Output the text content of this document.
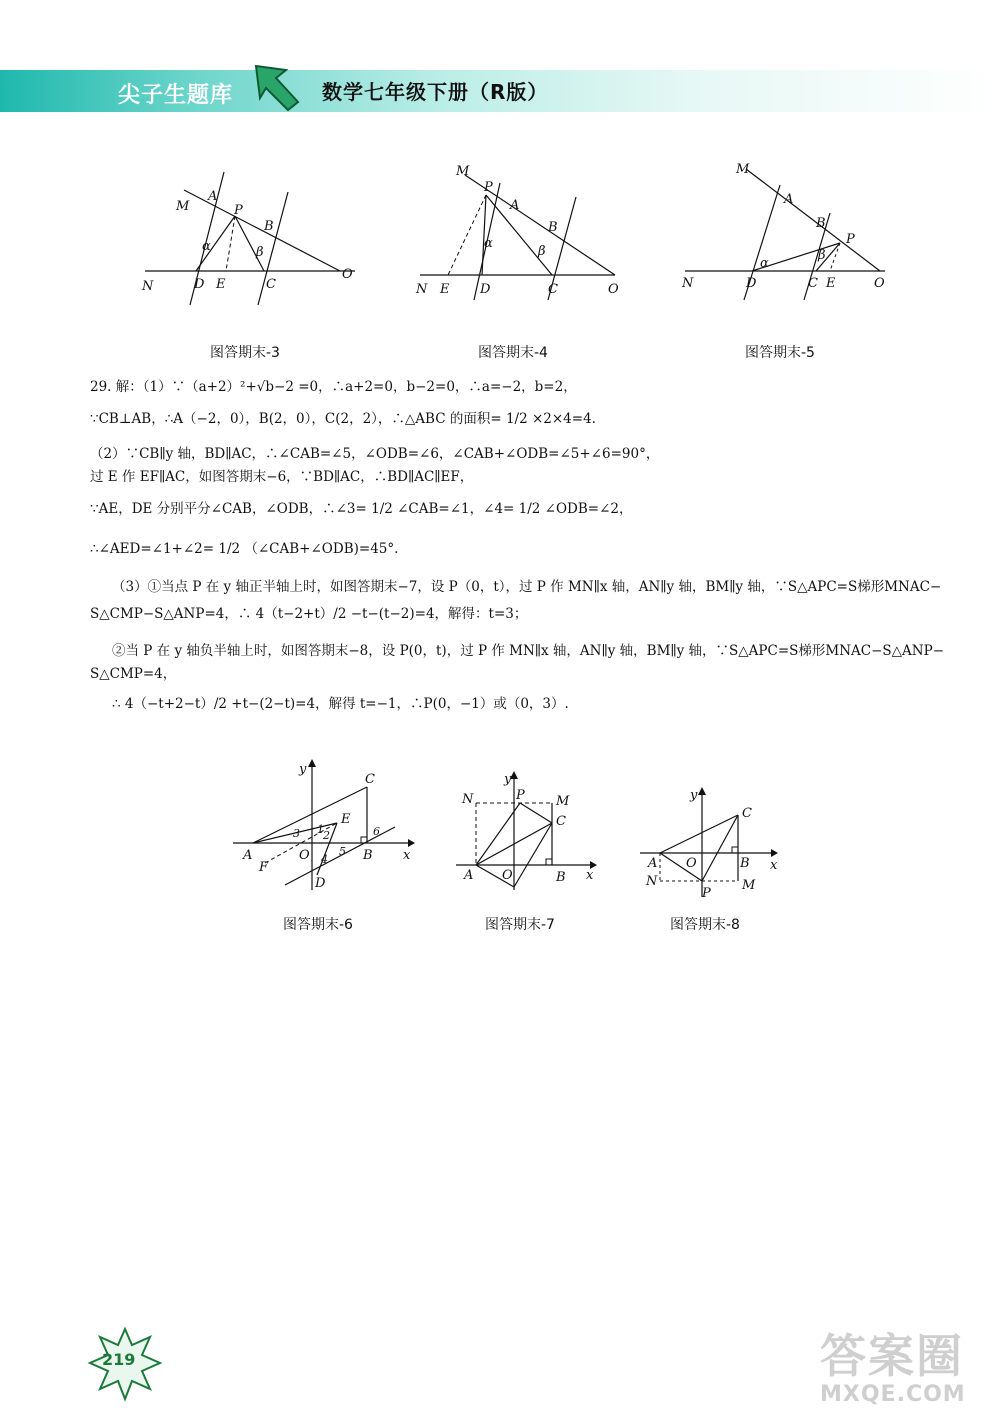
尖子生题库	数学七年级下册（R版）
M
A
P
B
N	D E	C
O
α	β
图答期末-3
M
P
A
B
N E D	C	O
α
β
图答期末-4
M
A
B
P
N	D	C E	O
α
β
图答期末-5
29. 解：（1）∵（a+2）²+√b−2 =0，∴a+2=0，b−2=0，∴a=−2，b=2，
∵CB⊥AB，∴A（−2，0），B(2，0），C(2，2），∴△ABC 的面积= 1/2 ×2×4=4.
（2）∵CB∥y 轴，BD∥AC，∴∠CAB=∠5，∠ODB=∠6，∠CAB+∠ODB=∠5+∠6=90°，
过 E 作 EF∥AC，如图答期末−6，∵BD∥AC，∴BD∥AC∥EF，
∵AE，DE 分别平分∠CAB，∠ODB，∴∠3= 1/2 ∠CAB=∠1，∠4= 1/2 ∠ODB=∠2，
∴∠AED=∠1+∠2= 1/2 （∠CAB+∠ODB)=45°.
（3）①当点 P 在 y 轴正半轴上时，如图答期末−7，设 P（0，t），过 P 作 MN∥x 轴，AN∥y 轴，BM∥y 轴，∵S△APC=S梯形MNAC−
S△CMP−S△ANP=4，∴ 4（t−2+t）/2 −t−(t−2)=4，解得：t=3；
②当 P 在 y 轴负半轴上时，如图答期末−8，设 P(0，t)，过 P 作 MN∥x 轴，AN∥y 轴，BM∥y 轴，∵S△APC=S梯形MNAC−S△ANP−
S△CMP=4，
∴ 4（−t+2−t）/2 +t−(2−t)=4，解得 t=−1，∴P(0，−1）或（0，3）.
y
x
C
E
A	O	B
F
D
1 2
3
4
5
6
图答期末-6
y
x
N	P M
C
A O	B
图答期末-7
y
x
C
A O	B
N
P
M
图答期末-8
219	答案圈
MXQE.COM
